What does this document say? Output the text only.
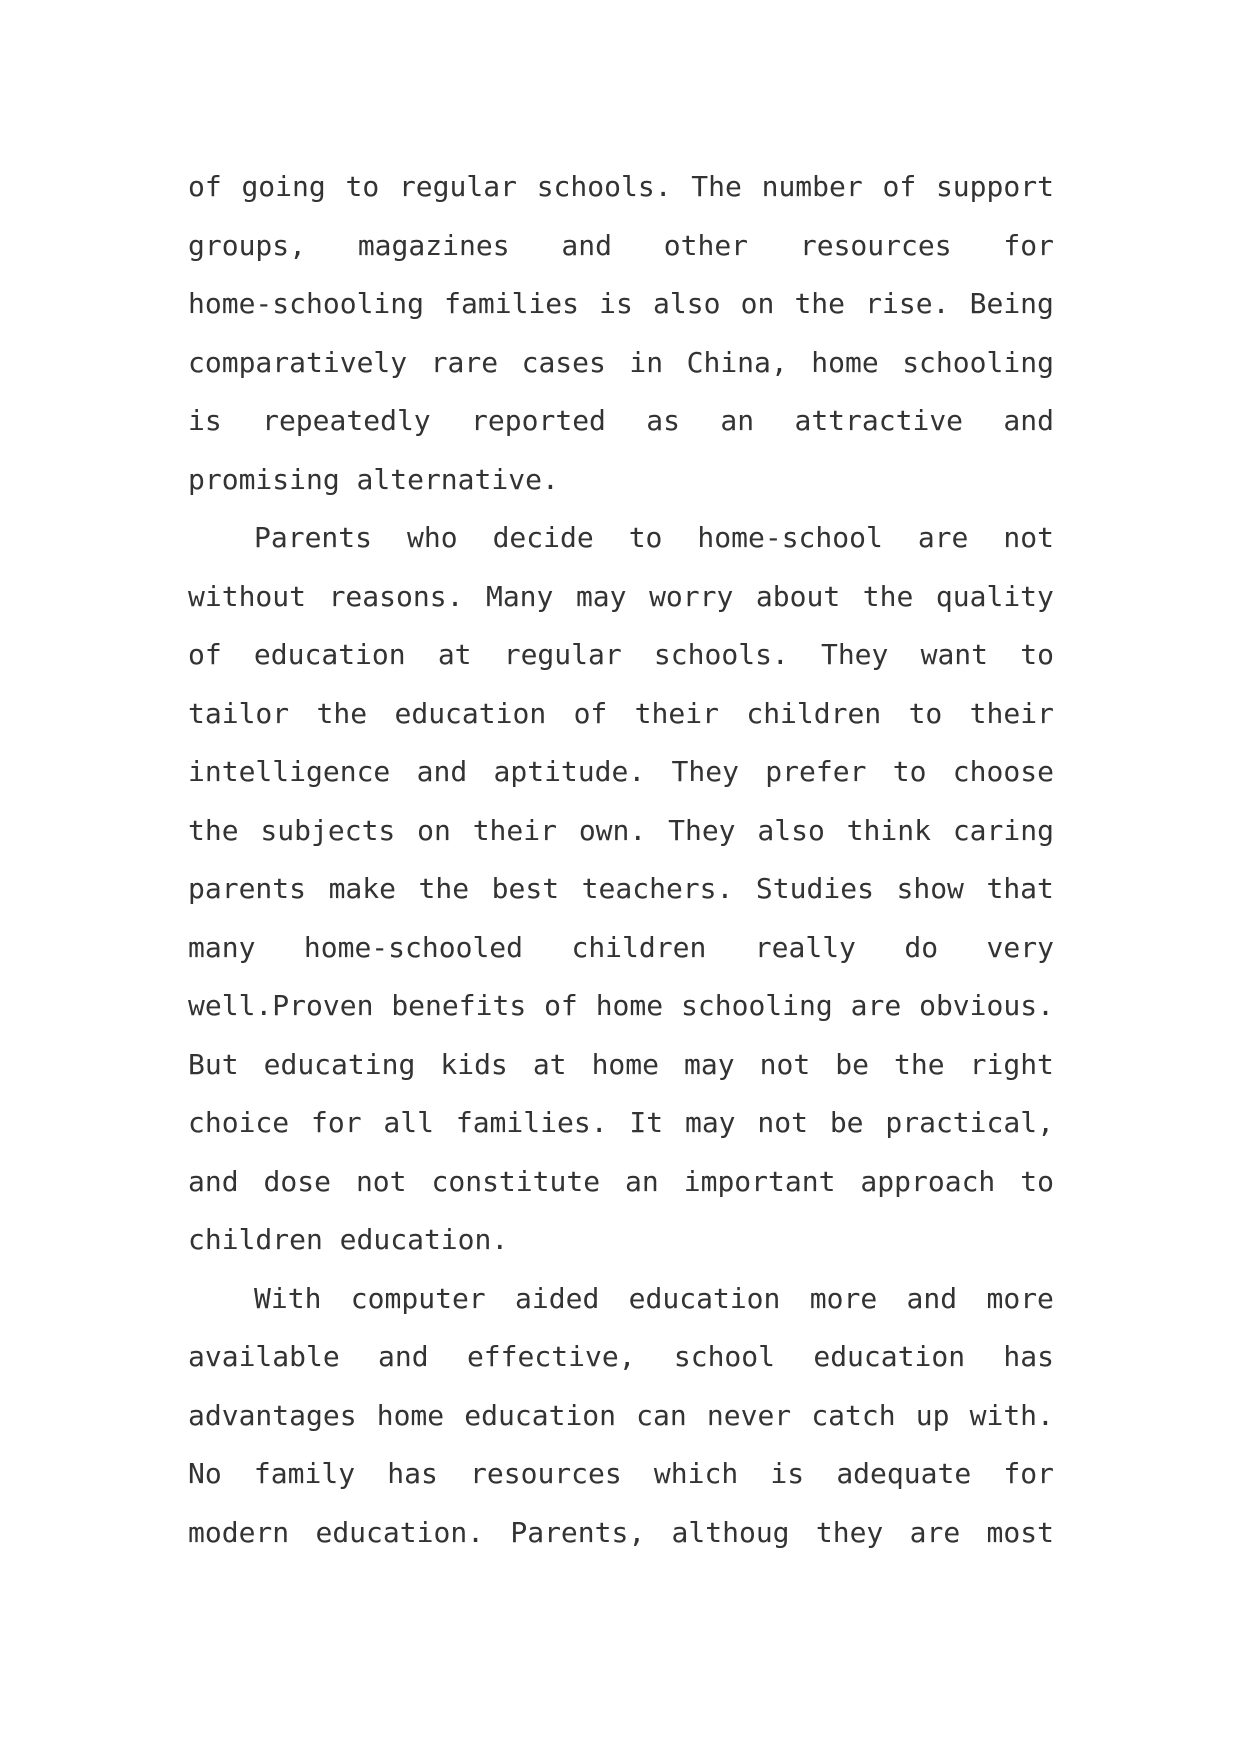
of going to regular schools. The number of support
groups, magazines and other resources for
home-schooling families is also on the rise. Being
comparatively rare cases in China, home schooling
is repeatedly reported as an attractive and
promising alternative.
Parents who decide to home-school are not
without reasons. Many may worry about the quality
of education at regular schools. They want to
tailor the education of their children to their
intelligence and aptitude. They prefer to choose
the subjects on their own. They also think caring
parents make the best teachers. Studies show that
many home-schooled children really do very
well.Proven benefits of home schooling are obvious.
But educating kids at home may not be the right
choice for all families. It may not be practical,
and dose not constitute an important approach to
children education.
With computer aided education more and more
available and effective, school education has
advantages home education can never catch up with.
No family has resources which is adequate for
modern education. Parents, althoug they are most
